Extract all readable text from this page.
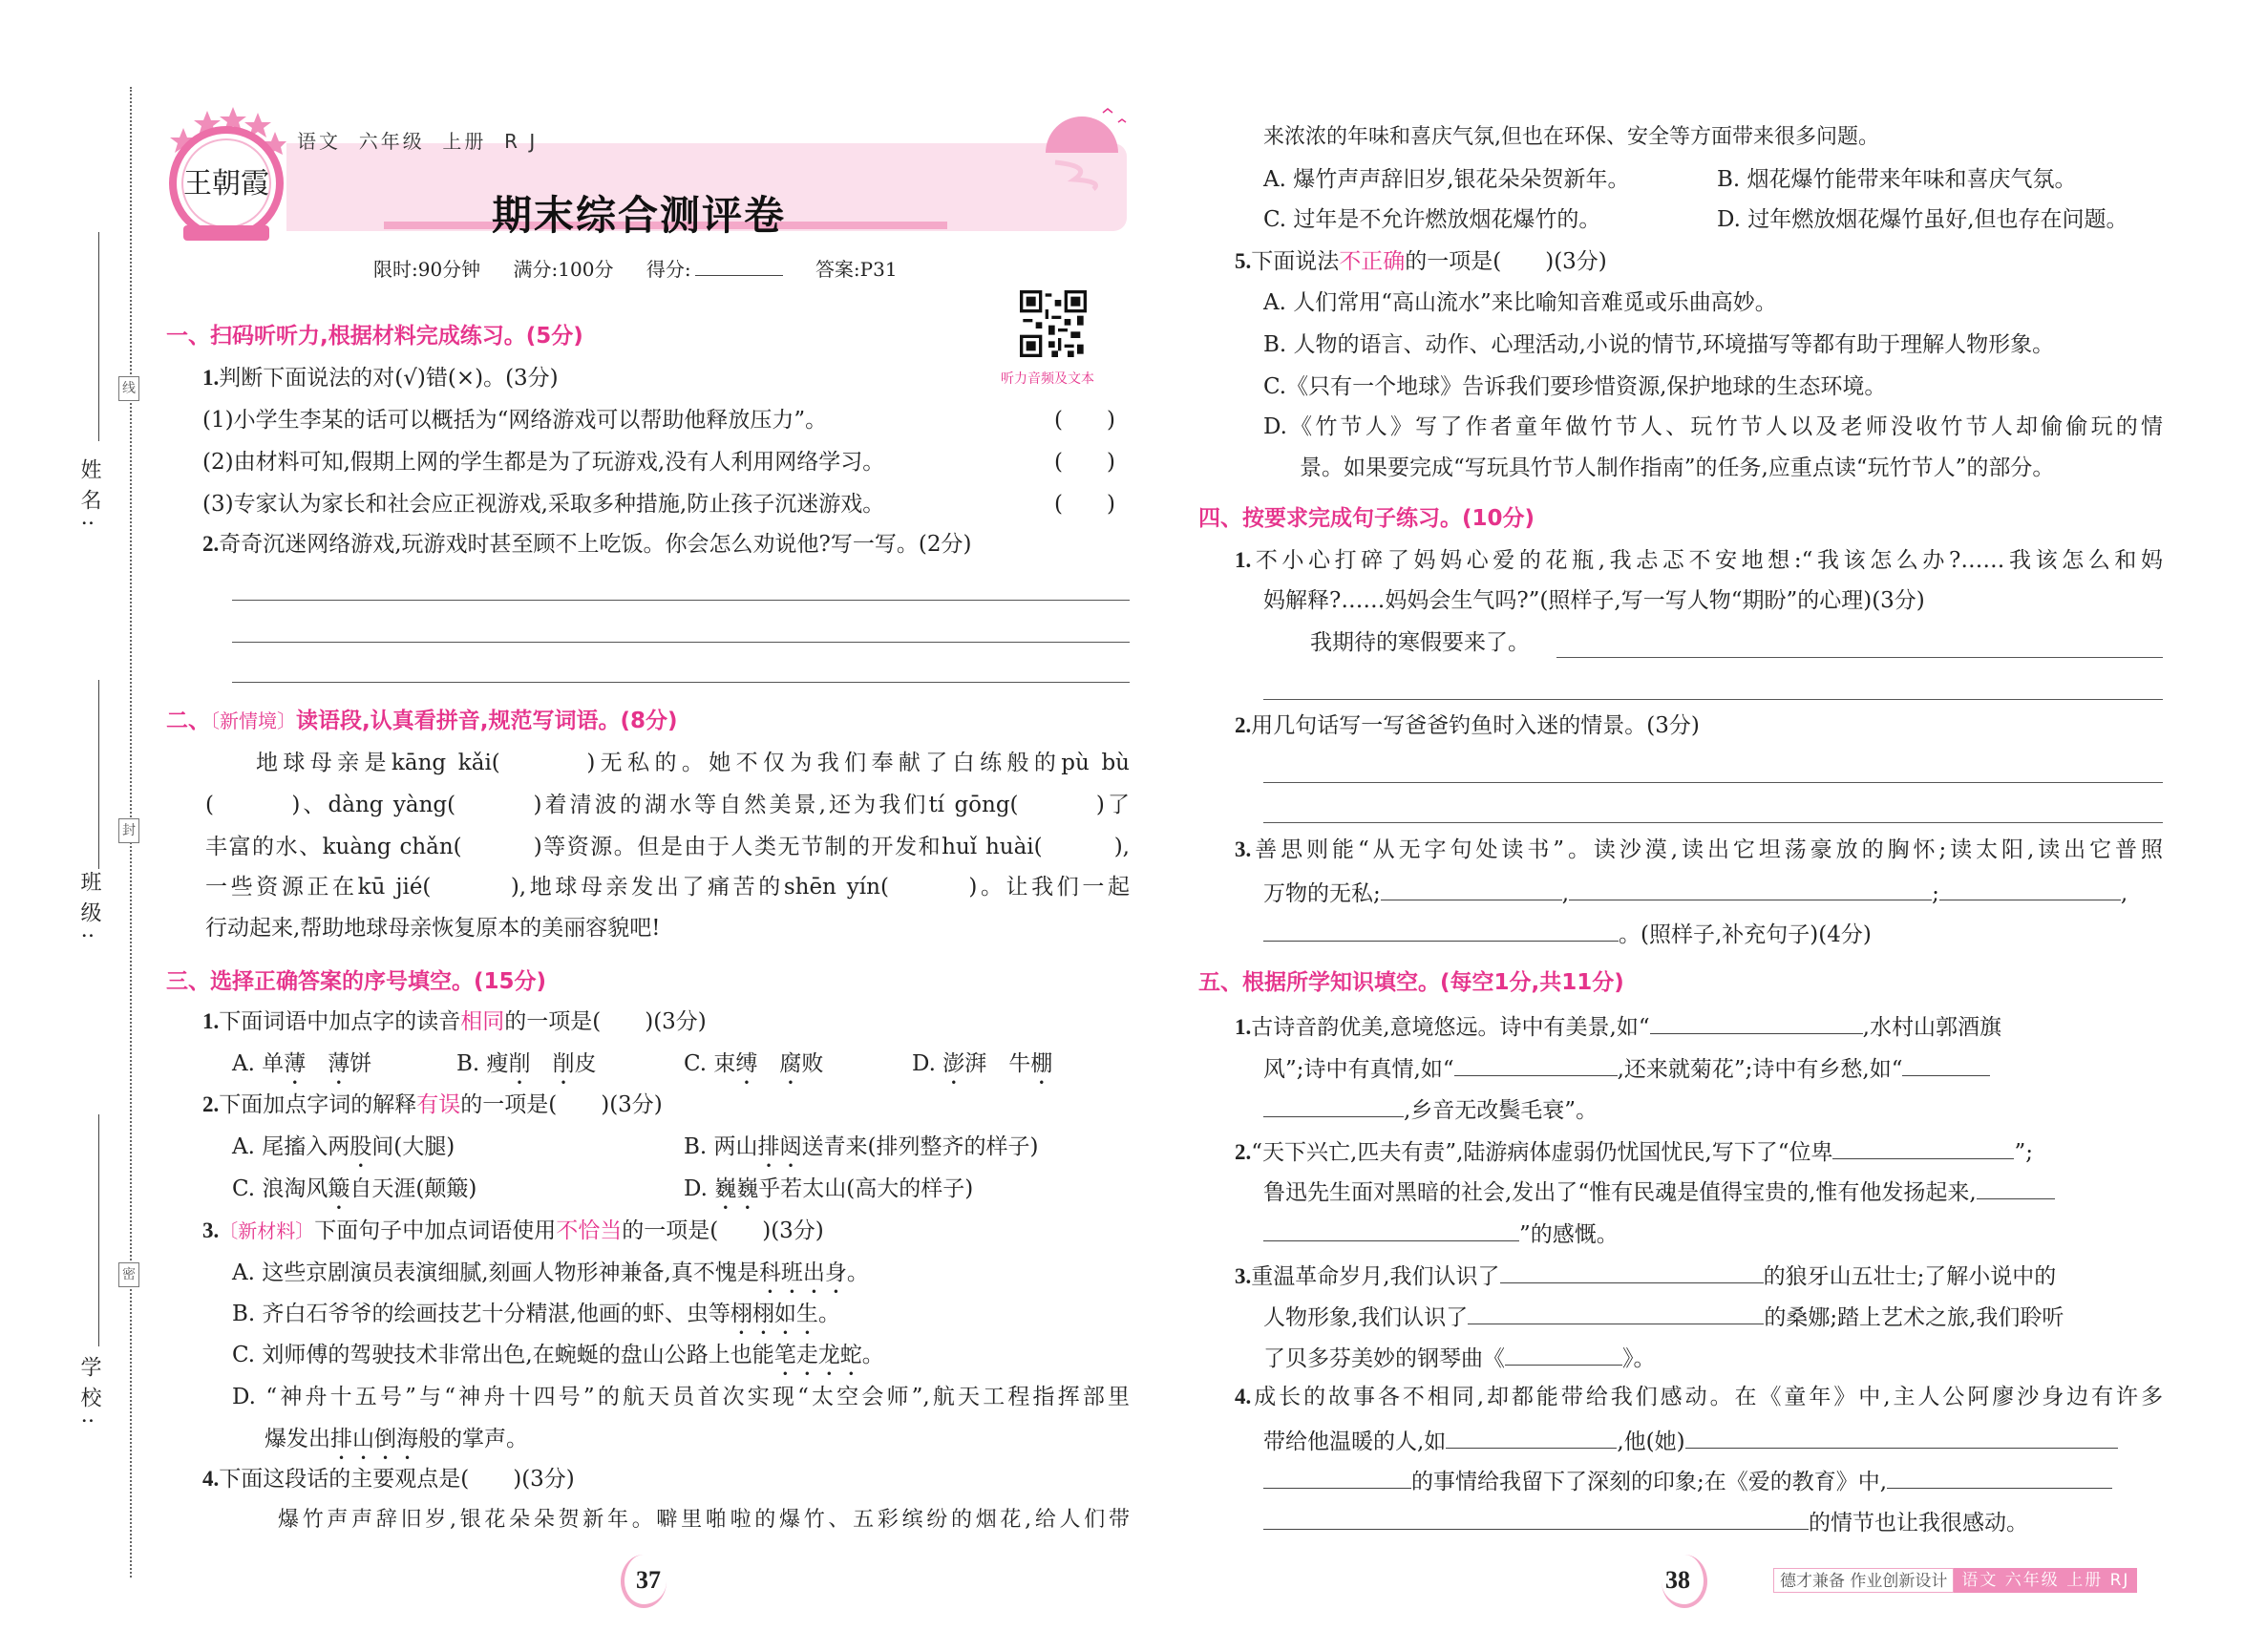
姓名:
班级:
学校:
线
封
密
王朝霞
语文  六年级  上册  R J
期末综合测评卷
限时:90分钟 满分:100分 得分:	答案:P31
听力音频及文本
一、扫码听听力,根据材料完成练习。(5分)
1.判断下面说法的对(√)错(×)。(3分)
(1)小学生李某的话可以概括为“网络游戏可以帮助他释放压力”。	(　　)
(2)由材料可知,假期上网的学生都是为了玩游戏,没有人利用网络学习。	(　　)
(3)专家认为家长和社会应正视游戏,采取多种措施,防止孩子沉迷游戏。	(　　)
2.奇奇沉迷网络游戏,玩游戏时甚至顾不上吃饭。你会怎么劝说他?写一写。(2分)
二、〔新情境〕读语段,认真看拼音,规范写词语。(8分)
地球母亲是kāng kǎi(　　　)无私的。她不仅为我们奉献了白练般的pù bù
(　　　)、dàng yàng(　　　)着清波的湖水等自然美景,还为我们tí gōng(　　　)了
丰富的水、kuàng chǎn(　　　)等资源。但是由于人类无节制的开发和huǐ huài(　　　),
一些资源正在kū jié(　　　),地球母亲发出了痛苦的shēn yín(　　　)。让我们一起
行动起来,帮助地球母亲恢复原本的美丽容貌吧!
三、选择正确答案的序号填空。(15分)
1.下面词语中加点字的读音相同的一项是(　　)(3分)
A. 单薄　 薄饼	B. 瘦削　 削皮	C. 束缚　 腐败	D. 澎湃　牛棚
2.下面加点字词的解释有误的一项是(　　)(3分)
A. 尾搐入两股间(大腿)	B. 两山排闼送青来(排列整齐的样子)
C. 浪淘风簸自天涯(颠簸)	D. 巍巍乎若太山(高大的样子)
3.〔新材料〕下面句子中加点词语使用不恰当的一项是(　　)(3分)
A. 这些京剧演员表演细腻,刻画人物形神兼备,真不愧是科班出身。
B. 齐白石爷爷的绘画技艺十分精湛,他画的虾、虫等栩栩如生。
C. 刘师傅的驾驶技术非常出色,在蜿蜒的盘山公路上也能笔走龙蛇。
D. “神舟十五号”与“神舟十四号”的航天员首次实现“太空会师”,航天工程指挥部里
爆发出排山倒海般的掌声。
4.下面这段话的主要观点是(　　)(3分)
爆竹声声辞旧岁,银花朵朵贺新年。噼里啪啦的爆竹、五彩缤纷的烟花,给人们带
37
来浓浓的年味和喜庆气氛,但也在环保、安全等方面带来很多问题。
A. 爆竹声声辞旧岁,银花朵朵贺新年。	B. 烟花爆竹能带来年味和喜庆气氛。
C. 过年是不允许燃放烟花爆竹的。	D. 过年燃放烟花爆竹虽好,但也存在问题。
5.下面说法不正确的一项是(　　)(3分)
A. 人们常用“高山流水”来比喻知音难觅或乐曲高妙。
B. 人物的语言、动作、心理活动,小说的情节,环境描写等都有助于理解人物形象。
C.《只有一个地球》告诉我们要珍惜资源,保护地球的生态环境。
D.《竹节人》写了作者童年做竹节人、玩竹节人以及老师没收竹节人却偷偷玩的情
景。如果要完成“写玩具竹节人制作指南”的任务,应重点读“玩竹节人”的部分。
四、按要求完成句子练习。(10分)
1.不小心打碎了妈妈心爱的花瓶,我忐忑不安地想:“我该怎么办?……我该怎么和妈
妈解释?……妈妈会生气吗?”(照样子,写一写人物“期盼”的心理)(3分)
我期待的寒假要来了。
2.用几句话写一写爸爸钓鱼时入迷的情景。(3分)
3.善思则能“从无字句处读书”。读沙漠,读出它坦荡豪放的胸怀;读太阳,读出它普照
万物的无私;	,	;	,
。(照样子,补充句子)(4分)
五、根据所学知识填空。(每空1分,共11分)
1.古诗音韵优美,意境悠远。诗中有美景,如“	,水村山郭酒旗
风”;诗中有真情,如“	,还来就菊花”;诗中有乡愁,如“
,乡音无改鬓毛衰”。
2.“天下兴亡,匹夫有责”,陆游病体虚弱仍忧国忧民,写下了“位卑	”;
鲁迅先生面对黑暗的社会,发出了“惟有民魂是值得宝贵的,惟有他发扬起来,
”的感慨。
3.重温革命岁月,我们认识了	的狼牙山五壮士;了解小说中的
人物形象,我们认识了	的桑娜;踏上艺术之旅,我们聆听
了贝多芬美妙的钢琴曲《	》。
4.成长的故事各不相同,却都能带给我们感动。在《童年》中,主人公阿廖沙身边有许多
带给他温暖的人,如	,他(她)
的事情给我留下了深刻的印象;在《爱的教育》中,
的情节也让我很感动。
38	德才兼备 作业创新设计 语文 六年级 上册 RJ
